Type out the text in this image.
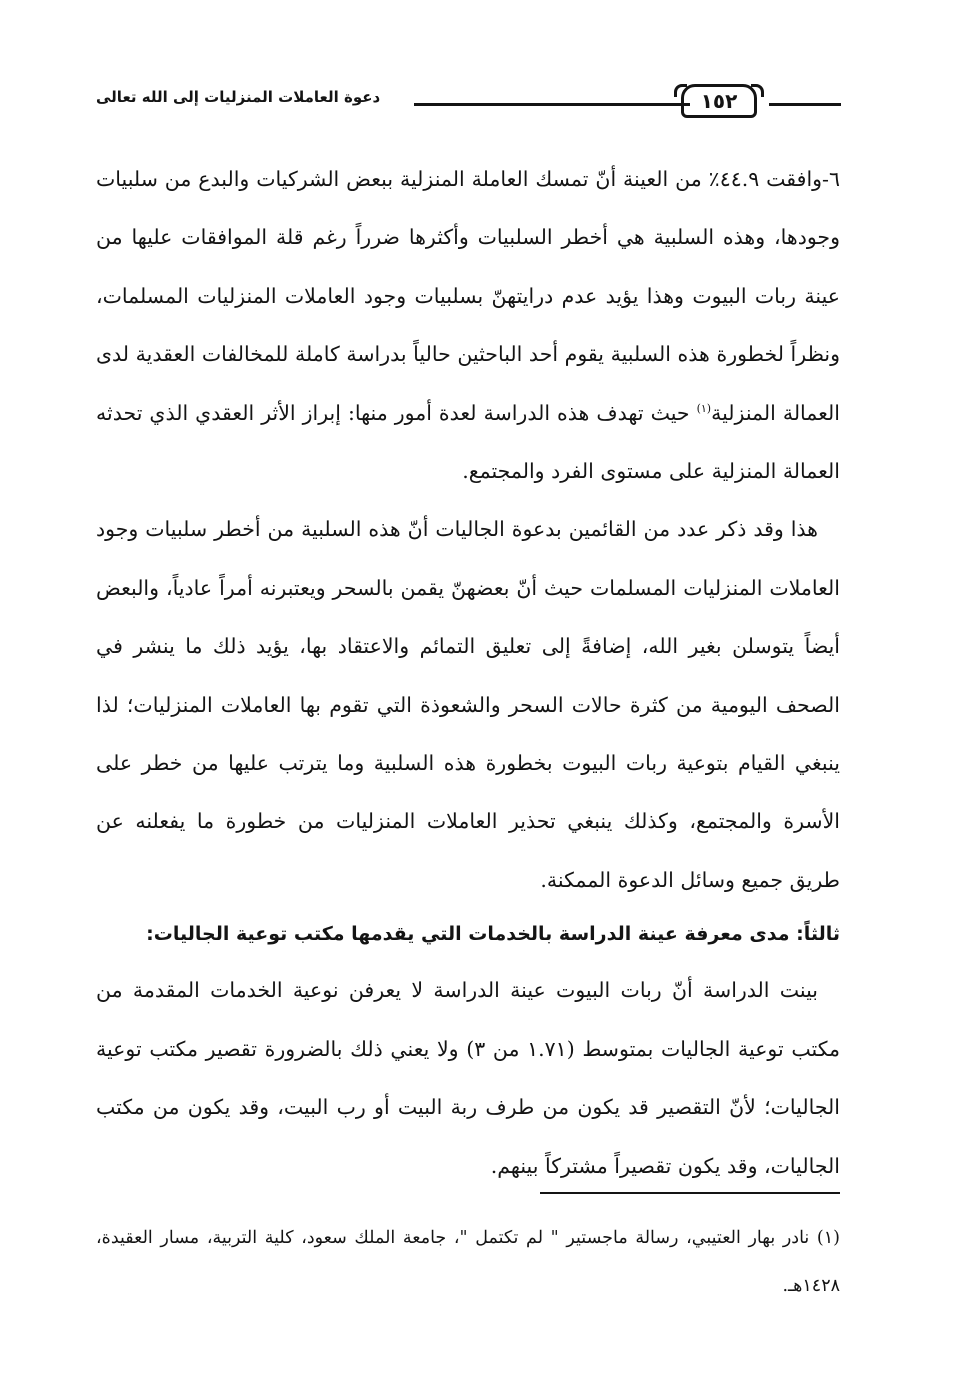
١٥٢
دعوة العاملات المنزليات إلى الله تعالى

٦-وافقت ٤٤.٩٪ من العينة أنّ تمسك العاملة المنزلية ببعض الشركيات والبدع من سلبيات وجودها، وهذه السلبية هي أخطر السلبيات وأكثرها ضرراً رغم قلة الموافقات عليها من عينة ربات البيوت وهذا يؤيد عدم درايتهنّ بسلبيات وجود العاملات المنزليات المسلمات، ونظراً لخطورة هذه السلبية يقوم أحد الباحثين حالياً بدراسة كاملة للمخالفات العقدية لدى العمالة المنزلية$^{(١)}$ حيث تهدف هذه الدراسة لعدة أمور منها: إبراز الأثر العقدي الذي تحدثه العمالة المنزلية على مستوى الفرد والمجتمع.

هذا وقد ذكر عدد من القائمين بدعوة الجاليات أنّ هذه السلبية من أخطر سلبيات وجود العاملات المنزليات المسلمات حيث أنّ بعضهنّ يقمن بالسحر ويعتبرنه أمراً عادياً، والبعض أيضاً يتوسلن بغير الله، إضافةً إلى تعليق التمائم والاعتقاد بها، يؤيد ذلك ما ينشر في الصحف اليومية من كثرة حالات السحر والشعوذة التي تقوم بها العاملات المنزليات؛ لذا ينبغي القيام بتوعية ربات البيوت بخطورة هذه السلبية وما يترتب عليها من خطر على الأسرة والمجتمع، وكذلك ينبغي تحذير العاملات المنزليات من خطورة ما يفعلنه عن طريق جميع وسائل الدعوة الممكنة.

ثالثاً: مدى معرفة عينة الدراسة بالخدمات التي يقدمها مكتب توعية الجاليات:

بينت الدراسة أنّ ربات البيوت عينة الدراسة لا يعرفن نوعية الخدمات المقدمة من مكتب توعية الجاليات بمتوسط (١.٧١ من ٣) ولا يعني ذلك بالضرورة تقصير مكتب توعية الجاليات؛ لأنّ التقصير قد يكون من طرف ربة البيت أو رب البيت، وقد يكون من مكتب الجاليات، وقد يكون تقصيراً مشتركاً بينهم.

(١) نادر بهار العتيبي، رسالة ماجستير " لم تكتمل "، جامعة الملك سعود، كلية التربية، مسار العقيدة، ١٤٢٨هـ.
